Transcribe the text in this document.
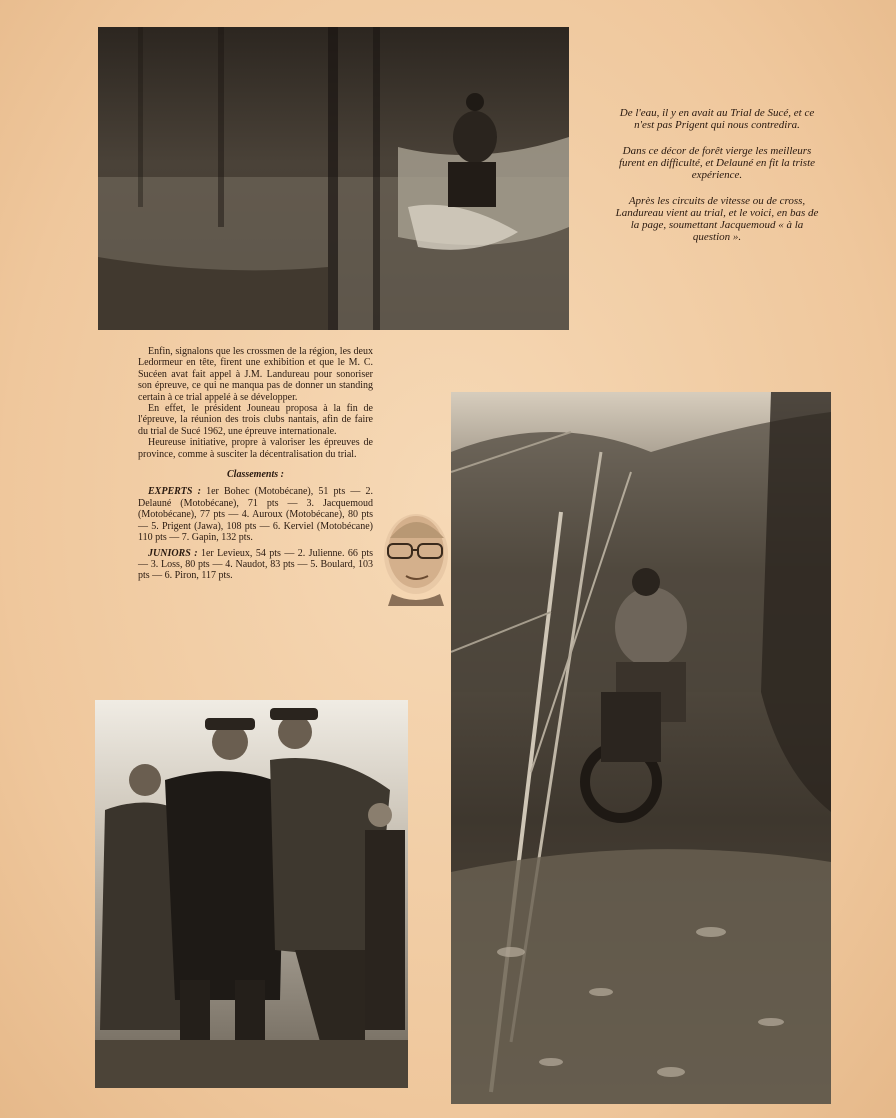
De l'eau, il y en avait au Trial de Sucé, et ce n'est pas Prigent qui nous contredira.

Dans ce décor de forêt vierge les meilleurs furent en difficulté, et Delauné en fit la triste expérience.

Après les circuits de vitesse ou de cross, Landureau vient au trial, et le voici, en bas de la page, soumettant Jacquemoud « à la question ».

Enfin, signalons que les crossmen de la région, les deux Ledormeur en tête, firent une exhibition et que le M. C. Sucéen avat fait appel à J.M. Landureau pour sonoriser son épreuve, ce qui ne manqua pas de donner un standing certain à ce trial appelé à se développer.

En effet, le président Jouneau proposa à la fin de l'épreuve, la réunion des trois clubs nantais, afin de faire du trial de Sucé 1962, une épreuve internationale.

Heureuse initiative, propre à valoriser les épreuves de province, comme à susciter la décentralisation du trial.

Classements :

EXPERTS : 1er Bohec (Motobécane), 51 pts — 2. Delauné (Motobécane), 71 pts — 3. Jacquemoud (Motobécane), 77 pts — 4. Auroux (Motobécane), 80 pts — 5. Prigent (Jawa), 108 pts — 6. Kerviel (Motobécane) 110 pts — 7. Gapin, 132 pts.

JUNIORS : 1er Levieux, 54 pts — 2. Julienne. 66 pts — 3. Loss, 80 pts — 4. Naudot, 83 pts — 5. Boulard, 103 pts — 6. Piron, 117 pts.
